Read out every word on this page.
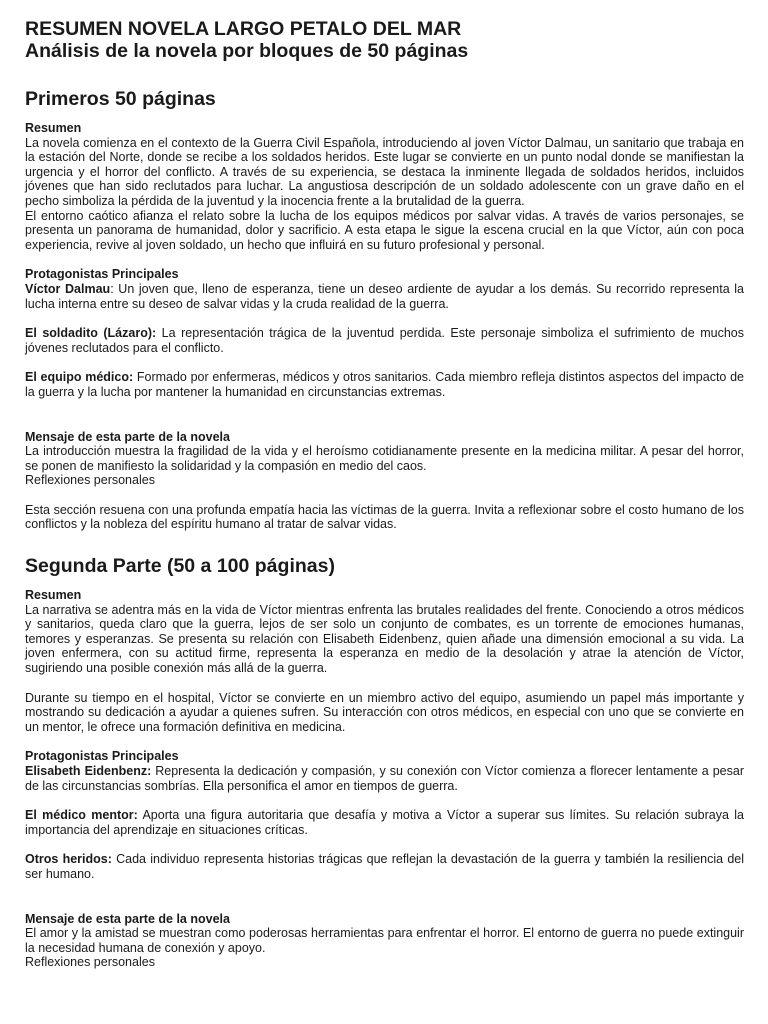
RESUMEN NOVELA LARGO PETALO DEL MAR
Análisis de la novela por bloques de 50 páginas
Primeros 50 páginas
Resumen
La novela comienza en el contexto de la Guerra Civil Española, introduciendo al joven Víctor Dalmau, un sanitario que trabaja en la estación del Norte, donde se recibe a los soldados heridos. Este lugar se convierte en un punto nodal donde se manifiestan la urgencia y el horror del conflicto. A través de su experiencia, se destaca la inminente llegada de soldados heridos, incluidos jóvenes que han sido reclutados para luchar. La angustiosa descripción de un soldado adolescente con un grave daño en el pecho simboliza la pérdida de la juventud y la inocencia frente a la brutalidad de la guerra.
El entorno caótico afianza el relato sobre la lucha de los equipos médicos por salvar vidas. A través de varios personajes, se presenta un panorama de humanidad, dolor y sacrificio. A esta etapa le sigue la escena crucial en la que Víctor, aún con poca experiencia, revive al joven soldado, un hecho que influirá en su futuro profesional y personal.
Protagonistas Principales
Víctor Dalmau: Un joven que, lleno de esperanza, tiene un deseo ardiente de ayudar a los demás. Su recorrido representa la lucha interna entre su deseo de salvar vidas y la cruda realidad de la guerra.
El soldadito (Lázaro): La representación trágica de la juventud perdida. Este personaje simboliza el sufrimiento de muchos jóvenes reclutados para el conflicto.
El equipo médico: Formado por enfermeras, médicos y otros sanitarios. Cada miembro refleja distintos aspectos del impacto de la guerra y la lucha por mantener la humanidad en circunstancias extremas.
Mensaje de esta parte de la novela
La introducción muestra la fragilidad de la vida y el heroísmo cotidianamente presente en la medicina militar. A pesar del horror, se ponen de manifiesto la solidaridad y la compasión en medio del caos.
Reflexiones personales
Esta sección resuena con una profunda empatía hacia las víctimas de la guerra. Invita a reflexionar sobre el costo humano de los conflictos y la nobleza del espíritu humano al tratar de salvar vidas.
Segunda Parte (50 a 100 páginas)
Resumen
La narrativa se adentra más en la vida de Víctor mientras enfrenta las brutales realidades del frente. Conociendo a otros médicos y sanitarios, queda claro que la guerra, lejos de ser solo un conjunto de combates, es un torrente de emociones humanas, temores y esperanzas. Se presenta su relación con Elisabeth Eidenbenz, quien añade una dimensión emocional a su vida. La joven enfermera, con su actitud firme, representa la esperanza en medio de la desolación y atrae la atención de Víctor, sugiriendo una posible conexión más allá de la guerra.
Durante su tiempo en el hospital, Víctor se convierte en un miembro activo del equipo, asumiendo un papel más importante y mostrando su dedicación a ayudar a quienes sufren. Su interacción con otros médicos, en especial con uno que se convierte en un mentor, le ofrece una formación definitiva en medicina.
Protagonistas Principales
Elisabeth Eidenbenz: Representa la dedicación y compasión, y su conexión con Víctor comienza a florecer lentamente a pesar de las circunstancias sombrías. Ella personifica el amor en tiempos de guerra.
El médico mentor: Aporta una figura autoritaria que desafía y motiva a Víctor a superar sus límites. Su relación subraya la importancia del aprendizaje en situaciones críticas.
Otros heridos: Cada individuo representa historias trágicas que reflejan la devastación de la guerra y también la resiliencia del ser humano.
Mensaje de esta parte de la novela
El amor y la amistad se muestran como poderosas herramientas para enfrentar el horror. El entorno de guerra no puede extinguir la necesidad humana de conexión y apoyo.
Reflexiones personales
